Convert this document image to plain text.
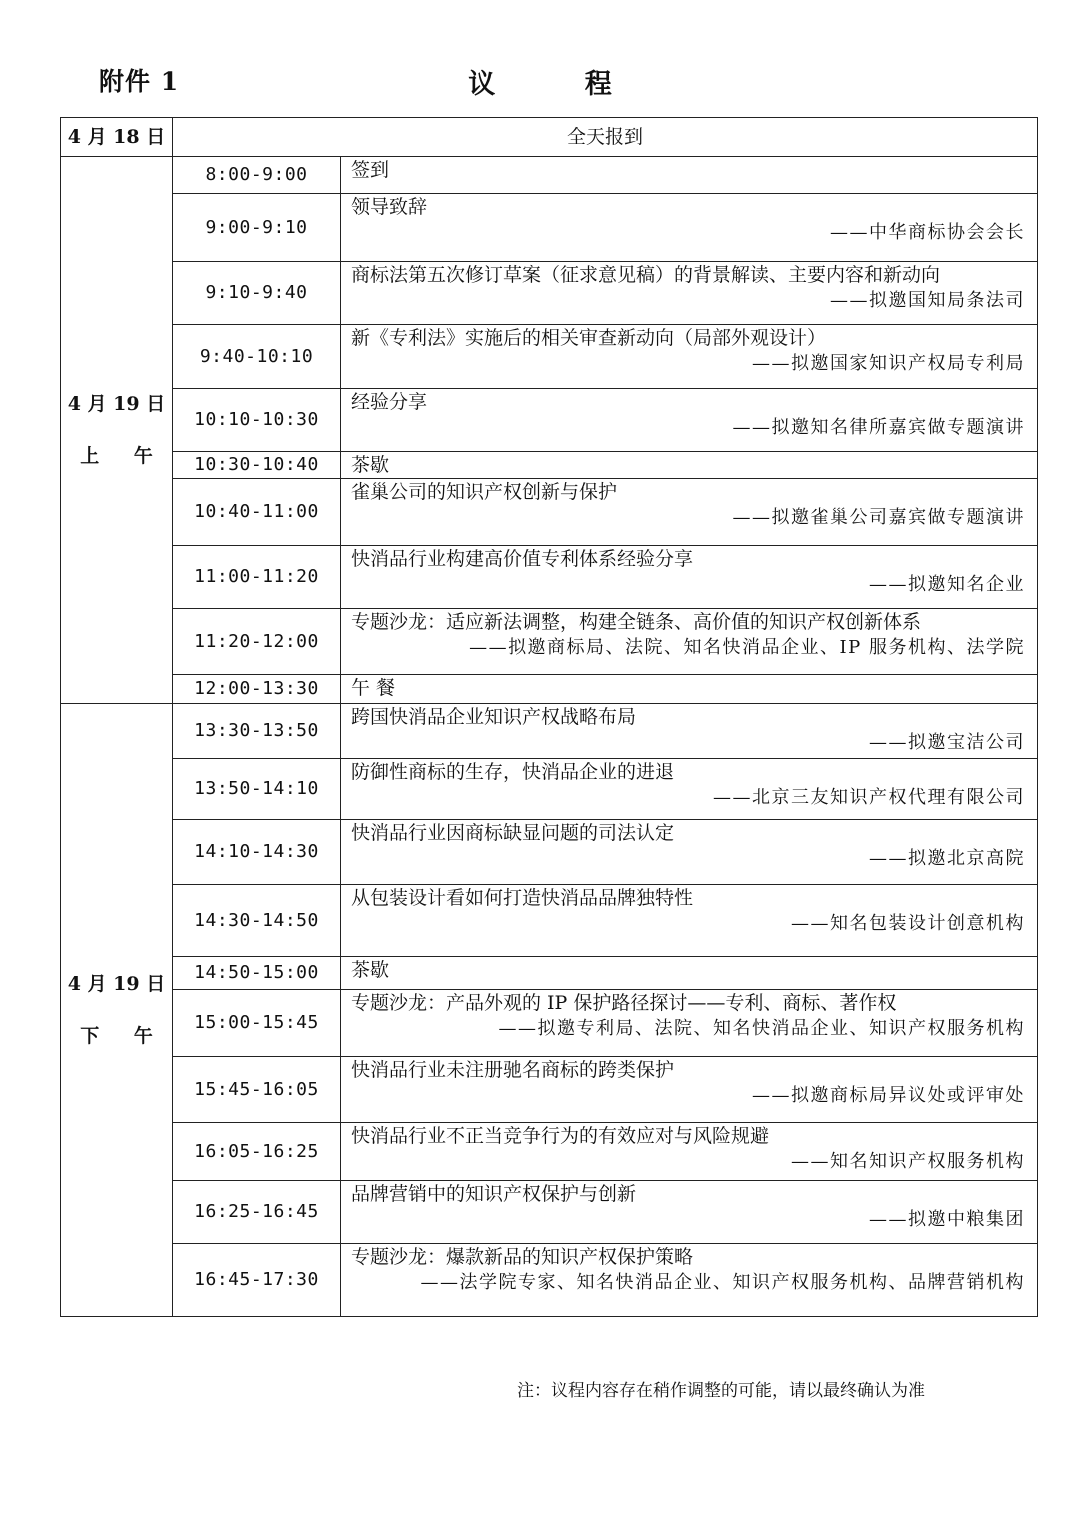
附件 1	议 程
4 月 18 日	全天报到	

4 月 19 日
上 午	8:00-9:00	签到

	9:00-9:10	领导致辞
——中华商标协会会长

	9:10-9:40	商标法第五次修订草案（征求意见稿）的背景解读、主要内容和新动向
——拟邀国知局条法司

	9:40-10:10	新《专利法》实施后的相关审查新动向（局部外观设计）
——拟邀国家知识产权局专利局

	10:10-10:30	经验分享
——拟邀知名律所嘉宾做专题演讲

	10:30-10:40	茶歇

	10:40-11:00	雀巢公司的知识产权创新与保护
——拟邀雀巢公司嘉宾做专题演讲

	11:00-11:20	快消品行业构建高价值专利体系经验分享
——拟邀知名企业

	11:20-12:00	专题沙龙：适应新法调整，构建全链条、高价值的知识产权创新体系
——拟邀商标局、法院、知名快消品企业、IP 服务机构、法学院

	12:00-13:30	午 餐

4 月 19 日
下 午	13:30-13:50	跨国快消品企业知识产权战略布局
——拟邀宝洁公司

	13:50-14:10	防御性商标的生存，快消品企业的进退
——北京三友知识产权代理有限公司

	14:10-14:30	快消品行业因商标缺显问题的司法认定
——拟邀北京高院

	14:30-14:50	从包装设计看如何打造快消品品牌独特性
——知名包装设计创意机构

	14:50-15:00	茶歇

	15:00-15:45	专题沙龙：产品外观的 IP 保护路径探讨——专利、商标、著作权
——拟邀专利局、法院、知名快消品企业、知识产权服务机构

	15:45-16:05	快消品行业未注册驰名商标的跨类保护
——拟邀商标局异议处或评审处

	16:05-16:25	快消品行业不正当竞争行为的有效应对与风险规避
——知名知识产权服务机构

	16:25-16:45	品牌营销中的知识产权保护与创新
——拟邀中粮集团

	16:45-17:30	专题沙龙：爆款新品的知识产权保护策略
——法学院专家、知名快消品企业、知识产权服务机构、品牌营销机构
注：议程内容存在稍作调整的可能，请以最终确认为准
